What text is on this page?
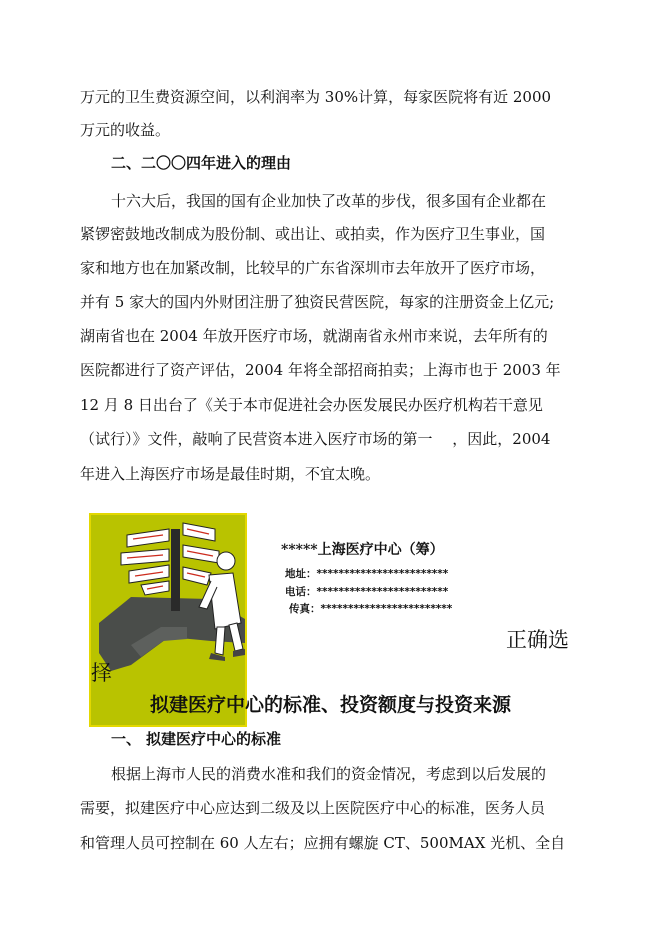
万元的卫生费资源空间，以利润率为 30%计算，每家医院将有近 2000
万元的收益。
二、二〇〇四年进入的理由
十六大后，我国的国有企业加快了改革的步伐，很多国有企业都在
紧锣密鼓地改制成为股份制、或出让、或拍卖，作为医疗卫生事业，国
家和地方也在加紧改制，比较早的广东省深圳市去年放开了医疗市场，
并有 5 家大的国内外财团注册了独资民营医院，每家的注册资金上亿元;
湖南省也在 2004 年放开医疗市场，就湖南省永州市来说，去年所有的
医院都进行了资产评估，2004 年将全部招商拍卖；上海市也于 2003 年
12 月 8 日出台了《关于本市促进社会办医发展民办医疗机构若干意见
（试行）》文件，敲响了民营资本进入医疗市场的第一　 ，因此，2004
年进入上海医疗市场是最佳时期，不宜太晚。
*****上海医疗中心（筹）
地址：************************
电话：************************
传真：************************
正确选
择
拟建医疗中心的标准、投资额度与投资来源
一、 拟建医疗中心的标准
根据上海市人民的消费水准和我们的资金情况，考虑到以后发展的
需要，拟建医疗中心应达到二级及以上医院医疗中心的标准，医务人员
和管理人员可控制在 60 人左右；应拥有螺旋 CT、500MAX 光机、全自
